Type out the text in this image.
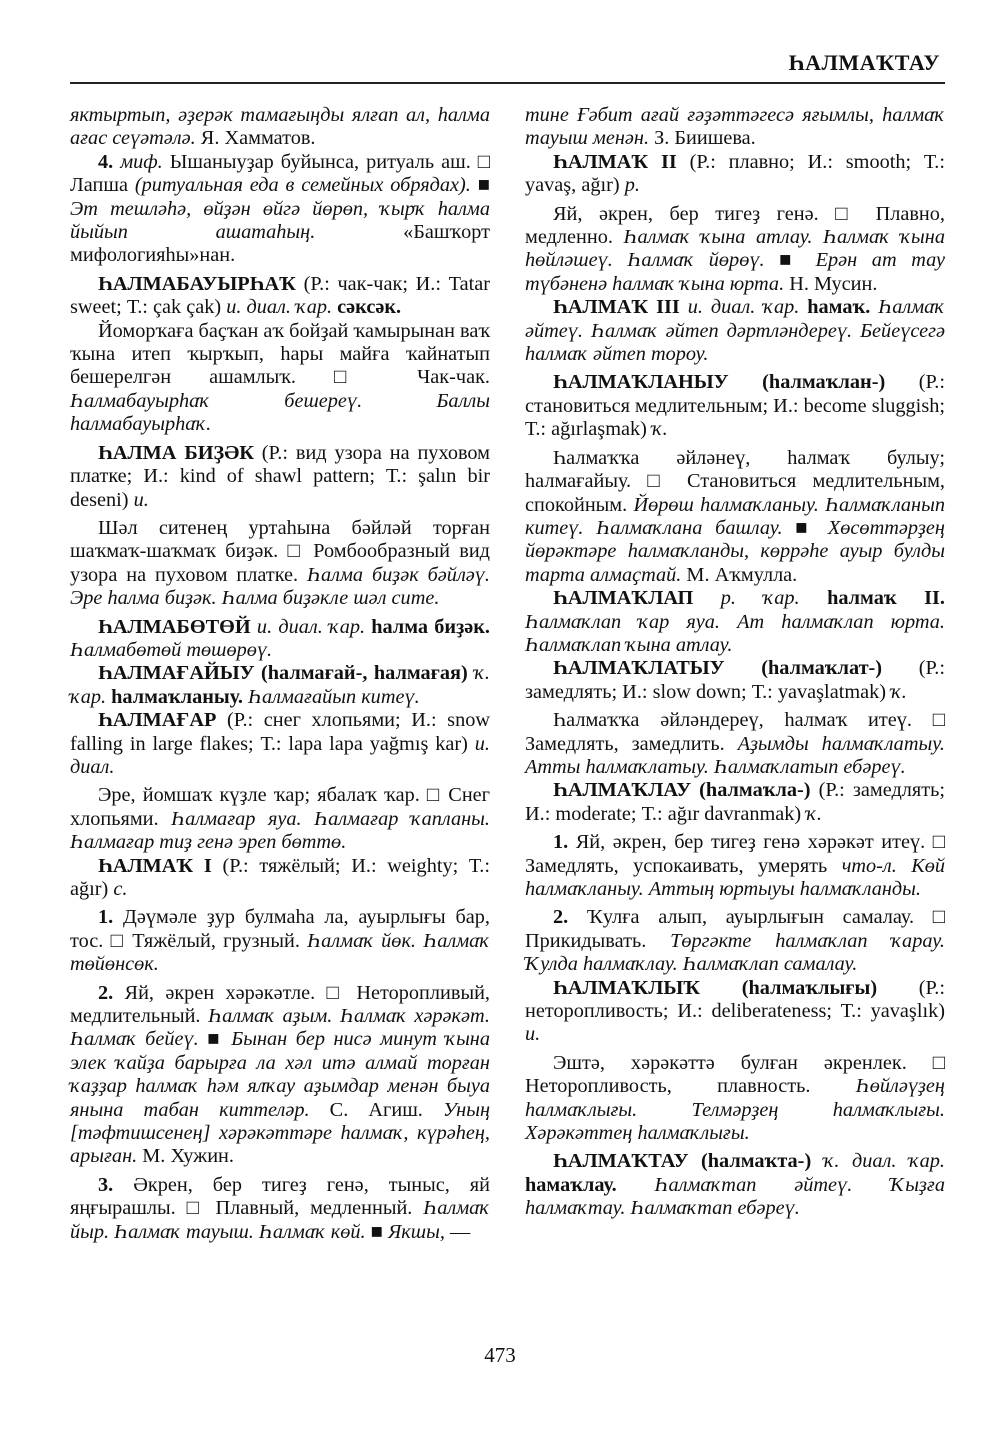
ҺАЛМАҠТАУ

яктыртып, әҙерәк тамағыңды ялғап ал, һалма ағас сеүәтәлә. Я. Хамматов.

4. миф. Ышаныуҙар буйынса, ритуаль аш. □ Лапша (ритуальная еда в семейных обрядах). ■ Эт тешләһә, өйҙән өйгә йөрөп, ҡырҡ һалма йыйып ашатаһың. «Башҡорт мифологияһы»нан.

ҺАЛМАБАУЫРҺАҠ (Р.: чак-чак; И.: Tatar sweet; Т.: çak çak) и. диал. ҡар. сәксәк.

Йоморҡаға баҫҡан аҡ бойҙай ҡамырынан ваҡ ҡына итеп ҡырҡып, һары майға ҡайнатып бешерелгән ашамлыҡ. □ Чак-чак. Һалмабауырһаҡ бешереү. Баллы һалмабауырһаҡ.

ҺАЛМА БИҘӘК (Р.: вид узора на пуховом платке; И.: kind of shawl pattern; Т.: şalın bir deseni) и.

Шәл ситенең уртаһына бәйләй торған шаҡмаҡ-шаҡмаҡ биҙәк. □ Ромбообразный вид узора на пуховом платке. Һалма биҙәк бәйләү. Эре һалма биҙәк. Һалма биҙәкле шәл сите.

ҺАЛМАБӨТӨЙ и. диал. ҡар. һалма биҙәк. Һалмабөтөй төшөрөү.

ҺАЛМАҒАЙЫУ (һалмағай-, һалмағая) ҡ. ҡар. һалмаҡланыу. Һалмағайып китеү.

ҺАЛМАҒАР (Р.: снег хлопьями; И.: snow falling in large flakes; Т.: lapa lapa yağmış kar) и. диал.

Эре, йомшаҡ күҙле ҡар; ябалаҡ ҡар. □ Снег хлопьями. Һалмағар яуа. Һалмағар ҡапланы. Һалмағар тиҙ генә эреп бөттө.

ҺАЛМАҠ I (Р.: тяжёлый; И.: weighty; Т.: ağır) с.

1. Дәүмәле ҙур булмаһа ла, ауырлығы бар, тос. □ Тяжёлый, грузный. Һалмаҡ йөк. Һалмаҡ төйөнсөк.

2. Яй, әкрен хәрәкәтле. □ Неторопливый, медлительный. Һалмаҡ аҙым. Һалмаҡ хәрәкәт. Һалмаҡ бейеү. ■ Бынан бер нисә минут ҡына элек ҡайҙа барырға ла хәл итә алмай торған ҡаҙҙар һалмаҡ һәм ялҡау аҙымдар менән быуа янына табан киттеләр. С. Агиш. Уның [тәфтишсенең] хәрәкәттәре һалмаҡ, күрәһең, арыған. М. Хужин.

3. Әкрен, бер тигеҙ генә, тыныс, яй яңғырашлы. □ Плавный, медленный. Һалмаҡ йыр. Һалмаҡ тауыш. Һалмаҡ көй. ■ Якшы, —

тине Ғәбит ағай ғәҙәттәгесә яғымлы, һалмаҡ тауыш менән. З. Биишева.

ҺАЛМАҠ II (Р.: плавно; И.: smooth; Т.: yavaş, ağır) р.

Яй, әкрен, бер тигеҙ генә. □ Плавно, медленно. Һалмаҡ ҡына атлау. Һалмаҡ ҡына һөйләшеү. Һалмаҡ йөрөү. ■ Ерән ат тау түбәненә һалмаҡ ҡына юрта. Н. Мусин.

ҺАЛМАҠ III и. диал. ҡар. һамаҡ. Һалмаҡ әйтеү. Һалмаҡ әйтеп дәртләндереү. Бейеүсегә һалмаҡ әйтеп тороу.

ҺАЛМАҠЛАНЫУ (һалмаҡлан-) (Р.: становиться медлительным; И.: become sluggish; Т.: ağırlaşmak) ҡ.

Һалмаҡҡа әйләнеү, һалмаҡ булыу; һалмағайыу. □ Становиться медлительным, спокойным. Йөрөш һалмаҡланыу. Һалмаҡланып китеү. Һалмаҡлана башлау. ■ Хөсөттәрҙең йөрәктәре һалмаҡланды, көррәһе ауыр булды тарта алмаҫтай. М. Аҡмулла.

ҺАЛМАҠЛАП р. ҡар. һалмаҡ II. Һалмаҡлап ҡар яуа. Ат һалмаҡлап юрта. Һалмаҡлап ҡына атлау.

ҺАЛМАҠЛАТЫУ (һалмаҡлат-) (Р.: замедлять; И.: slow down; Т.: yavaşlatmak) ҡ.

Һалмаҡҡа әйләндереү, һалмаҡ итеү. □ Замедлять, замедлить. Аҙымды һалмаҡлатыу. Атты һалмаҡлатыу. Һалмаҡлатып ебәреү.

ҺАЛМАҠЛАУ (һалмаҡла-) (Р.: замедлять; И.: moderate; Т.: ağır davranmak) ҡ.

1. Яй, әкрен, бер тигеҙ генә хәрәкәт итеү. □ Замедлять, успокаивать, умерять что-л. Көй һалмаҡланыу. Аттың юртыуы һалмаҡланды.

2. Ҡулға алып, ауырлығын самалау. □ Прикидывать. Төргәкте һалмаҡлап ҡарау. Ҡулда һалмаҡлау. Һалмаҡлап самалау.

ҺАЛМАҠЛЫҠ (һалмаҡлығы) (Р.: неторопливость; И.: deliberateness; Т.: yavaşlık) и.

Эштә, хәрәкәттә булған әкренлек. □ Неторопливость, плавность. Һөйләүҙең һалмаҡлығы. Телмәрҙең һалмаҡлығы. Хәрәкәттең һалмаҡлығы.

ҺАЛМАҠТАУ (һалмаҡта-) ҡ. диал. ҡар. һамаҡлау. Һалмаҡтап әйтеү. Ҡыҙға һалмаҡтау. Һалмаҡтап ебәреү.

473
